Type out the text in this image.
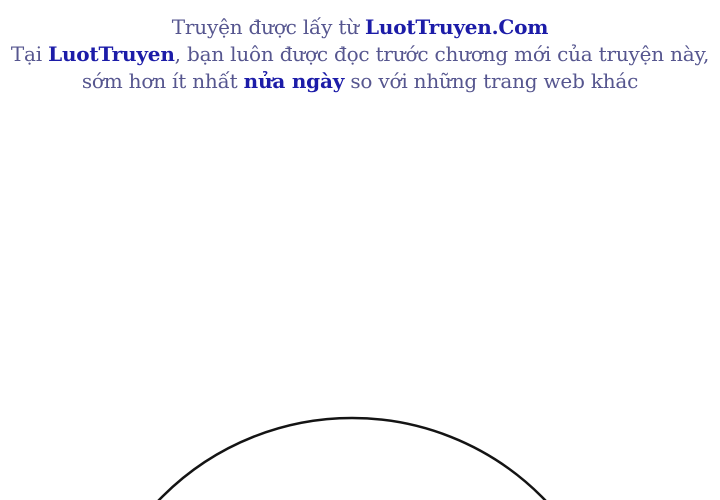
Truyện được lấy từ LuotTruyen.Com
Tại LuotTruyen, bạn luôn được đọc trước chương mới của truyện này,
sớm hơn ít nhất nửa ngày so với những trang web khác
